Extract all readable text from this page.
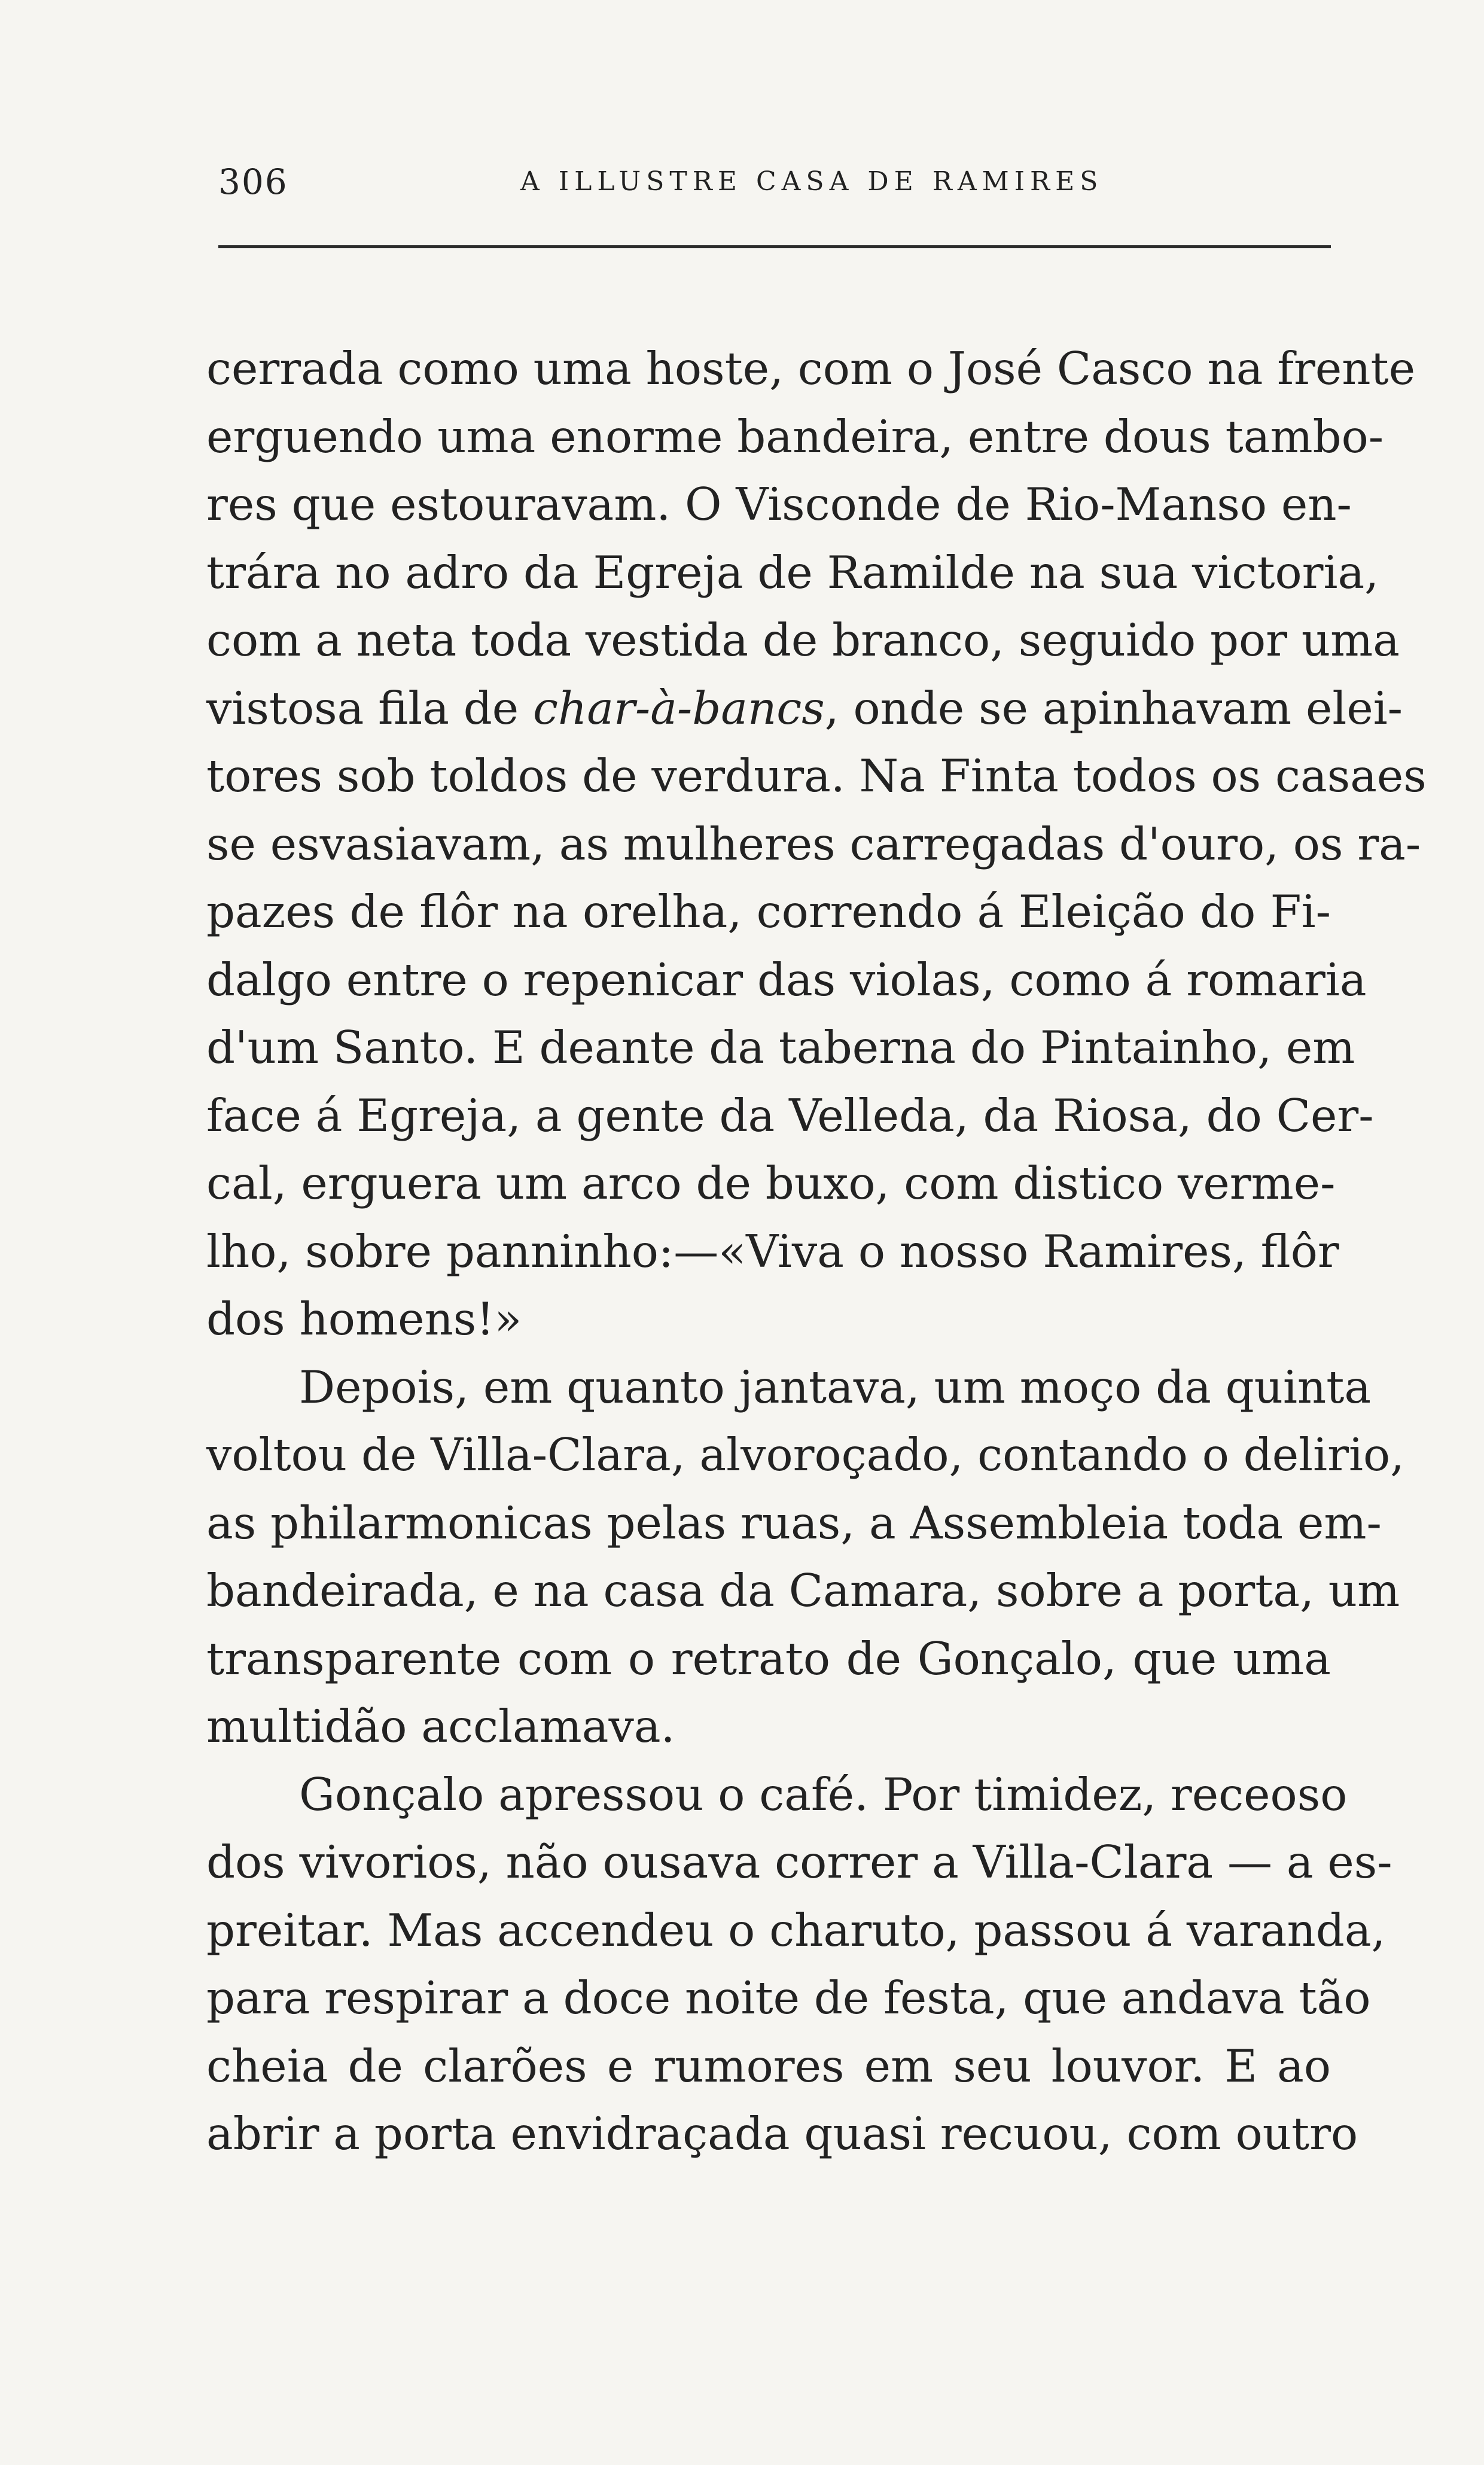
306	A ILLUSTRE CASA DE RAMIRES
cerrada como uma hoste, com o José Casco na frente
erguendo uma enorme bandeira, entre dous tambo-
res que estouravam. O Visconde de Rio-Manso en-
trára no adro da Egreja de Ramilde na sua victoria,
com a neta toda vestida de branco, seguido por uma
vistosa fila de char-à-bancs, onde se apinhavam elei-
tores sob toldos de verdura. Na Finta todos os casaes
se esvasiavam, as mulheres carregadas d'ouro, os ra-
pazes de flôr na orelha, correndo á Eleição do Fi-
dalgo entre o repenicar das violas, como á romaria
d'um Santo. E deante da taberna do Pintainho, em
face á Egreja, a gente da Velleda, da Riosa, do Cer-
cal, erguera um arco de buxo, com distico verme-
lho, sobre panninho:—«Viva o nosso Ramires, flôr
dos homens!»
Depois, em quanto jantava, um moço da quinta
voltou de Villa-Clara, alvoroçado, contando o delirio,
as philarmonicas pelas ruas, a Assembleia toda em-
bandeirada, e na casa da Camara, sobre a porta, um
transparente com o retrato de Gonçalo, que uma
multidão acclamava.
Gonçalo apressou o café. Por timidez, receoso
dos vivorios, não ousava correr a Villa-Clara — a es-
preitar. Mas accendeu o charuto, passou á varanda,
para respirar a doce noite de festa, que andava tão
cheia de clarões e rumores em seu louvor. E ao
abrir a porta envidraçada quasi recuou, com outro
